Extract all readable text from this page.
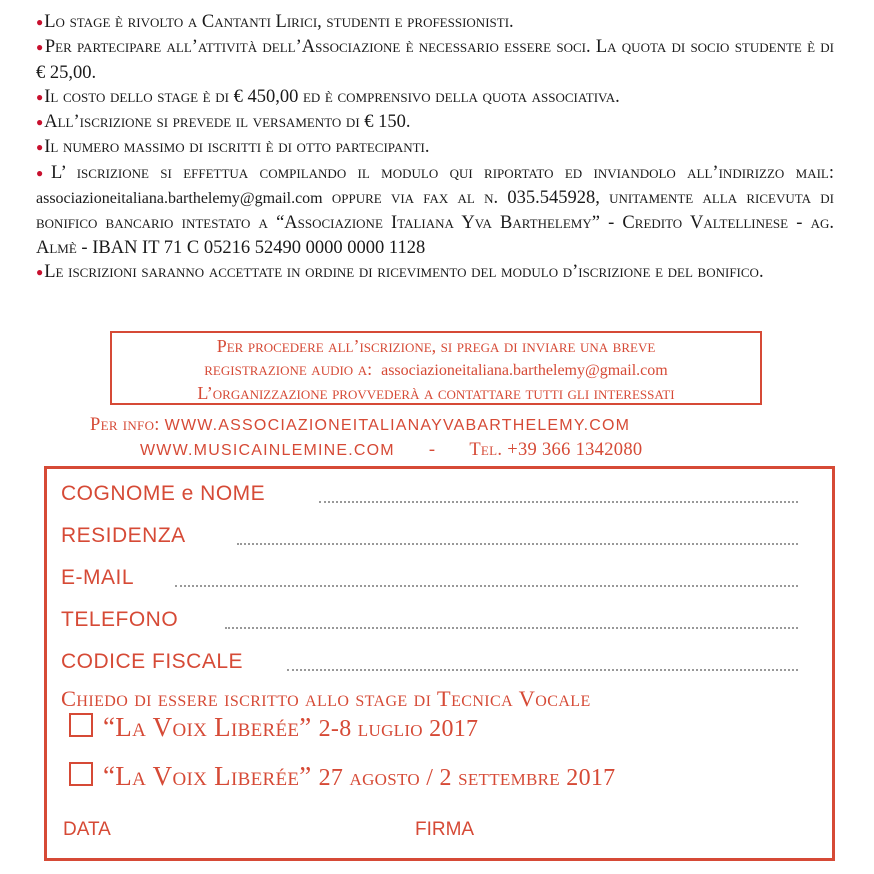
●Lo stage è rivolto a Cantanti Lirici, studenti e professionisti.

●Per partecipare all’attività dell’Associazione è necessario essere soci. La quota di socio studente è di € 25,00.

●Il costo dello stage è di € 450,00 ed è comprensivo della quota associativa.

●All’iscrizione si prevede il versamento di € 150.

●Il numero massimo di iscritti è di otto partecipanti.

●L’ iscrizione si effettua compilando il modulo qui riportato ed inviandolo all’indirizzo mail: associazioneitaliana.barthelemy@gmail.com oppure via fax al n. 035.545928, unitamente alla ricevuta di bonifico bancario intestato a “Associazione Italiana Yva Barthelemy” - Credito Valtellinese - ag. Almè - IBAN IT 71 C 05216 52490 0000 0000 1128

●Le iscrizioni saranno accettate in ordine di ricevimento del modulo d’iscrizione e del bonifico.

Per procedere all’iscrizione, si prega di inviare una breve
registrazione audio a: associazioneitaliana.barthelemy@gmail.com
L’organizzazione provvederà a contattare tutti gli interessati
Per info: WWW.ASSOCIAZIONEITALIANAYVABARTHELEMY.COM
WWW.MUSICAINLEMINE.COM - Tel. +39 366 1342080
COGNOME e NOME
RESIDENZA
E-MAIL
TELEFONO
CODICE FISCALE
Chiedo di essere iscritto allo stage di Tecnica Vocale
“La Voix Liberée” 2-8 luglio 2017
“La Voix Liberée” 27 agosto / 2 settembre 2017
DATA	FIRMA
